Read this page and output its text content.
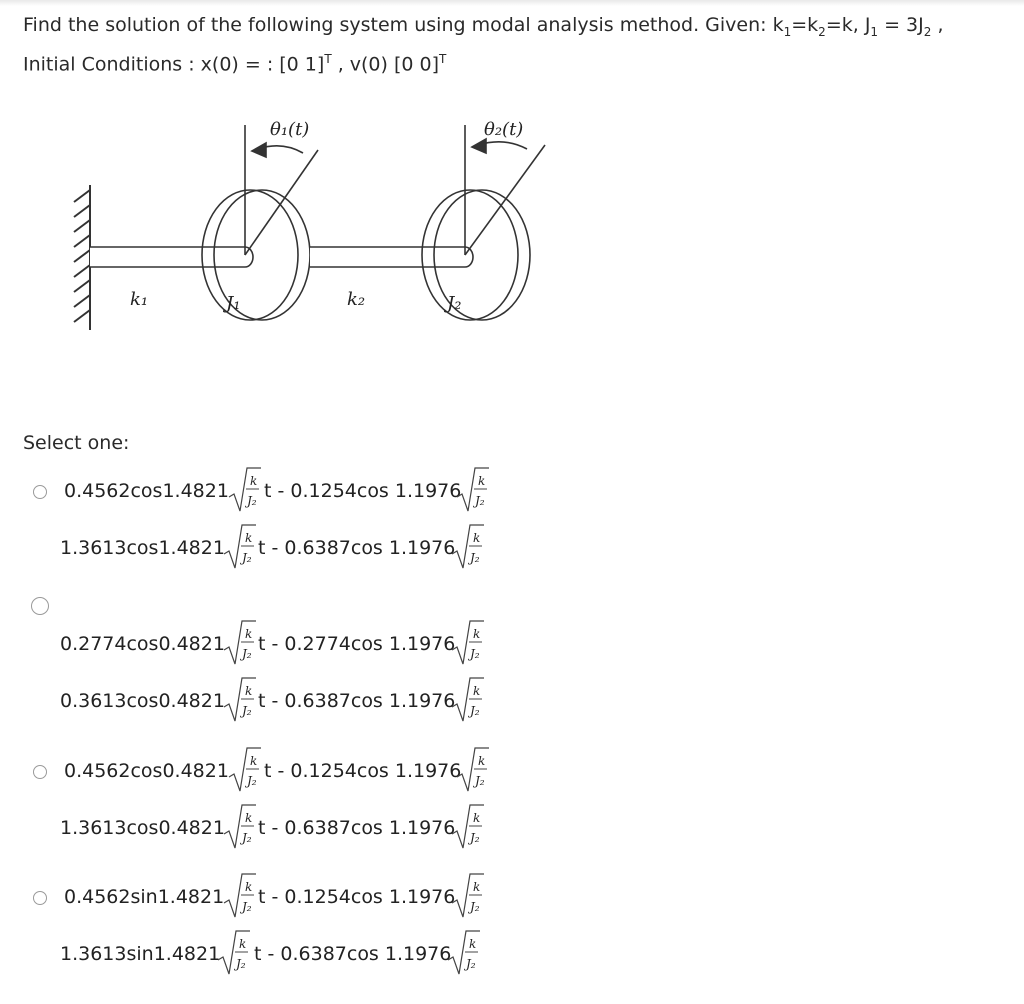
Find the solution of the following system using modal analysis method. Given: $k_1=k_2=k$, $J_1 = 3J_2$ ,
Initial Conditions : x(0) = : [0 1]$^T$ , v(0) [0 0]$^T$
θ₁(t)	θ₂(t)
k₁	J₁	k₂	J₂
Select one:
0.4562cos1.4821 k
J₂ t - 0.1254cos 1.1976 k
J₂
1.3613cos1.4821 k
J₂ t - 0.6387cos 1.1976 k
J₂
0.2774cos0.4821 k
J₂ t - 0.2774cos 1.1976 k
J₂
0.3613cos0.4821 k
J₂ t - 0.6387cos 1.1976 k
J₂
0.4562cos0.4821 k
J₂ t - 0.1254cos 1.1976 k
J₂
1.3613cos0.4821 k
J₂ t - 0.6387cos 1.1976 k
J₂
0.4562sin1.4821 k
J₂ t - 0.1254cos 1.1976 k
J₂
1.3613sin1.4821 k
J₂ t - 0.6387cos 1.1976 k
J₂
